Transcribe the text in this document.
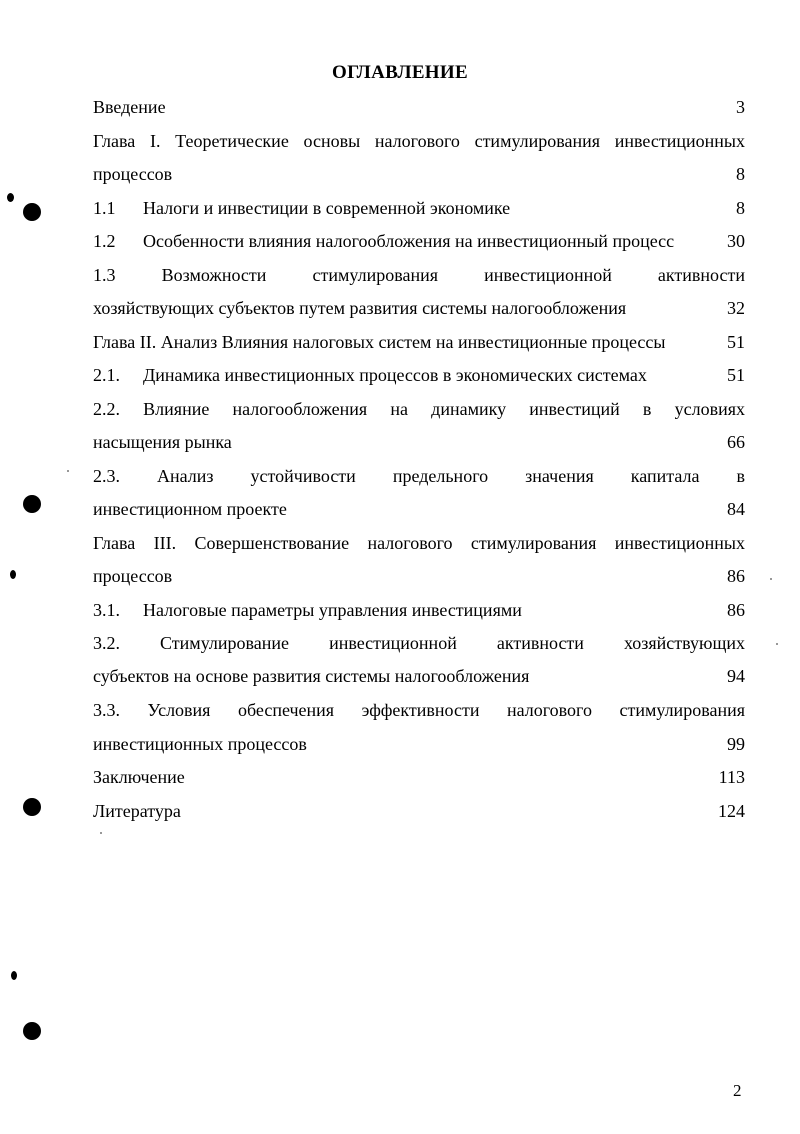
ОГЛАВЛЕНИЕ
Введение	3
Глава I. Теоретические основы налогового стимулирования инвестиционных
процессов	8
1.1 Налоги и инвестиции в современной экономике	8
1.2 Особенности влияния налогообложения на инвестиционный процесс	30
1.3 Возможности стимулирования инвестиционной активности
хозяйствующих субъектов путем развития системы налогообложения	32
Глава II. Анализ Влияния налоговых систем на инвестиционные процессы	51
2.1. Динамика инвестиционных процессов в экономических системах	51
2.2. Влияние налогообложения на динамику инвестиций в условиях
насыщения рынка	66
2.3. Анализ устойчивости предельного значения капитала в
инвестиционном проекте	84
Глава III. Совершенствование налогового стимулирования инвестиционных
процессов	86
3.1. Налоговые параметры управления инвестициями	86
3.2. Стимулирование инвестиционной активности хозяйствующих
субъектов на основе развития системы налогообложения	94
3.3. Условия обеспечения эффективности налогового стимулирования
инвестиционных процессов	99
Заключение	113
Литература	124
2
